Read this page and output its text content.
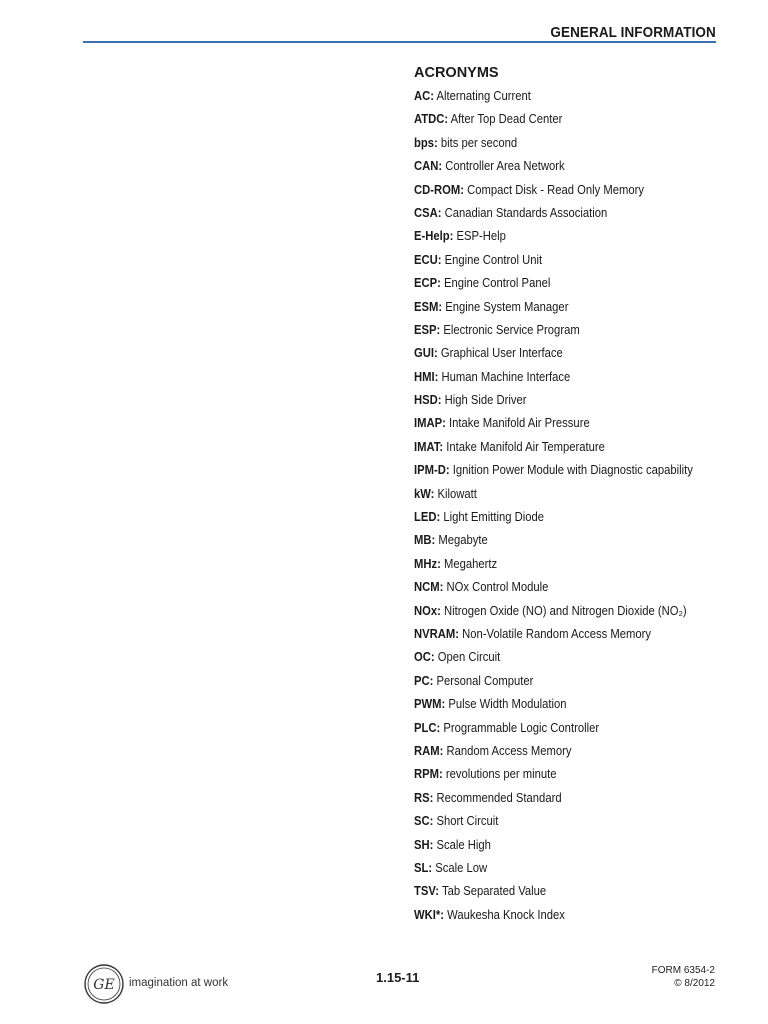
GENERAL INFORMATION
ACRONYMS
AC: Alternating Current
ATDC: After Top Dead Center
bps: bits per second
CAN: Controller Area Network
CD-ROM: Compact Disk - Read Only Memory
CSA: Canadian Standards Association
E-Help: ESP-Help
ECU: Engine Control Unit
ECP: Engine Control Panel
ESM: Engine System Manager
ESP: Electronic Service Program
GUI: Graphical User Interface
HMI: Human Machine Interface
HSD: High Side Driver
IMAP: Intake Manifold Air Pressure
IMAT: Intake Manifold Air Temperature
IPM-D: Ignition Power Module with Diagnostic capability
kW: Kilowatt
LED: Light Emitting Diode
MB: Megabyte
MHz: Megahertz
NCM: NOx Control Module
NOx: Nitrogen Oxide (NO) and Nitrogen Dioxide (NO₂)
NVRAM: Non-Volatile Random Access Memory
OC: Open Circuit
PC: Personal Computer
PWM: Pulse Width Modulation
PLC: Programmable Logic Controller
RAM: Random Access Memory
RPM: revolutions per minute
RS: Recommended Standard
SC: Short Circuit
SH: Scale High
SL: Scale Low
TSV: Tab Separated Value
WKI*: Waukesha Knock Index
GE imagination at work	1.15-11	FORM 6354-2
© 8/2012
